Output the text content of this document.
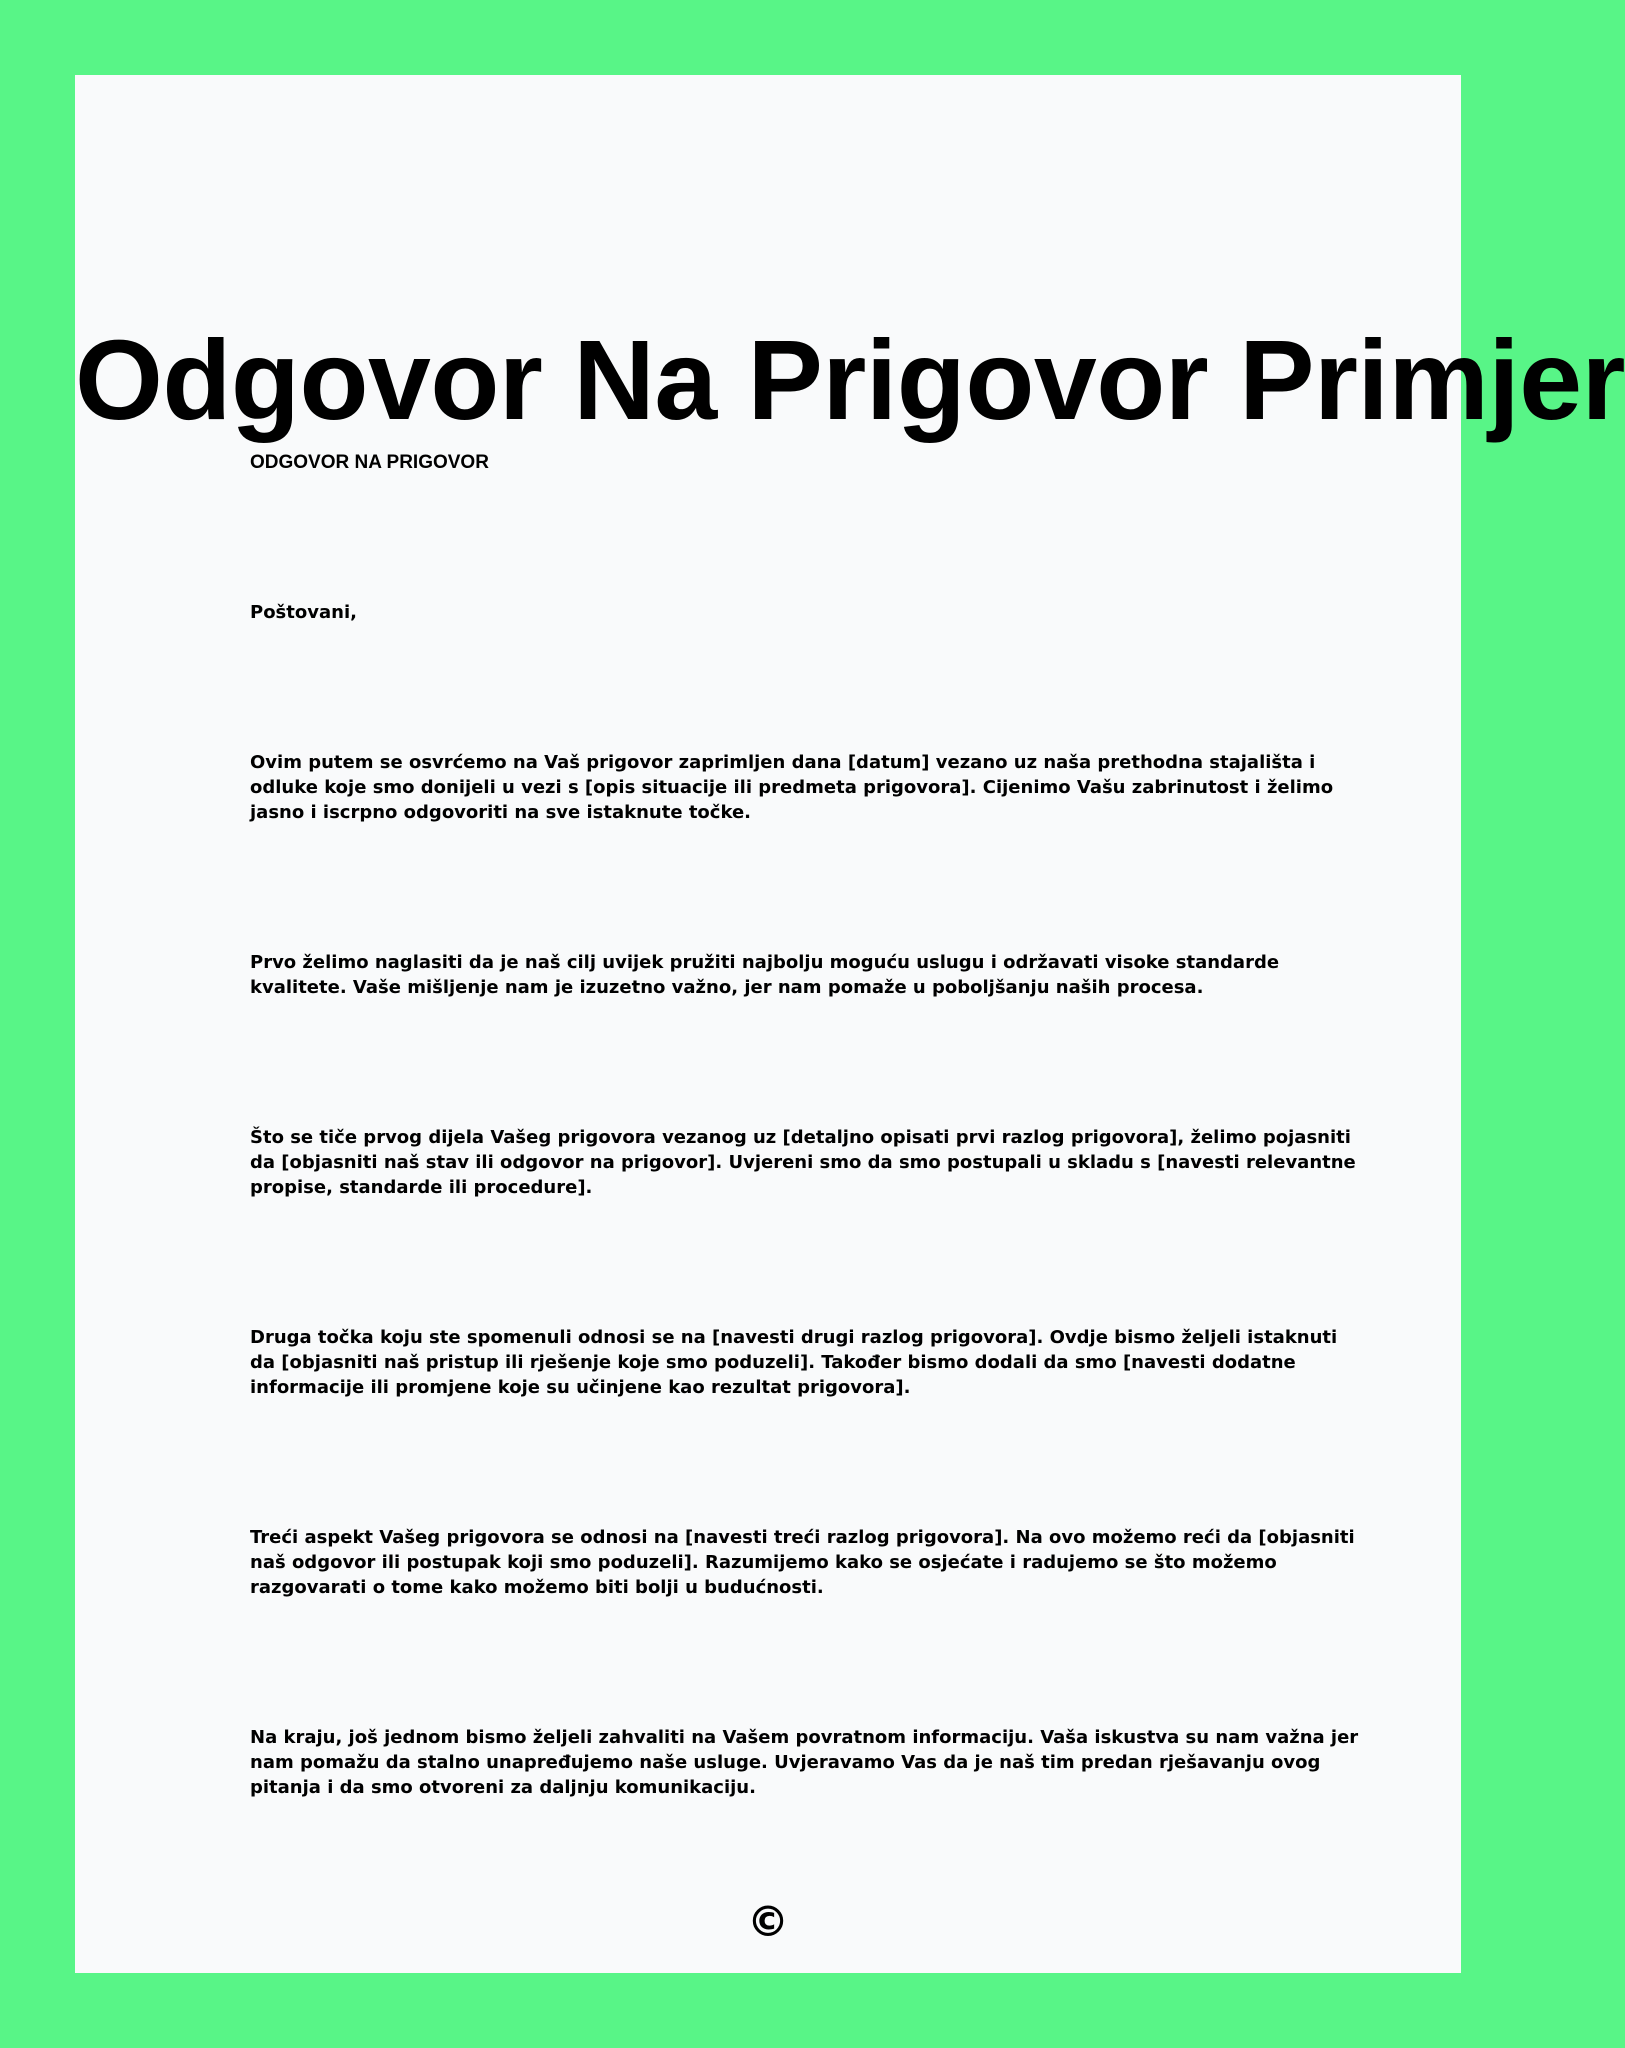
Odgovor Na Prigovor Primjer

ODGOVOR NA PRIGOVOR

Poštovani,

Ovim putem se osvrćemo na Vaš prigovor zaprimljen dana [datum] vezano uz naša prethodna stajališta i odluke koje smo donijeli u vezi s [opis situacije ili predmeta prigovora]. Cijenimo Vašu zabrinutost i želimo jasno i iscrpno odgovoriti na sve istaknute točke.

Prvo želimo naglasiti da je naš cilj uvijek pružiti najbolju moguću uslugu i održavati visoke standarde kvalitete. Vaše mišljenje nam je izuzetno važno, jer nam pomaže u poboljšanju naših procesa.

Što se tiče prvog dijela Vašeg prigovora vezanog uz [detaljno opisati prvi razlog prigovora], želimo pojasniti da [objasniti naš stav ili odgovor na prigovor]. Uvjereni smo da smo postupali u skladu s [navesti relevantne propise, standarde ili procedure].

Druga točka koju ste spomenuli odnosi se na [navesti drugi razlog prigovora]. Ovdje bismo željeli istaknuti da [objasniti naš pristup ili rješenje koje smo poduzeli]. Također bismo dodali da smo [navesti dodatne informacije ili promjene koje su učinjene kao rezultat prigovora].

Treći aspekt Vašeg prigovora se odnosi na [navesti treći razlog prigovora]. Na ovo možemo reći da [objasniti naš odgovor ili postupak koji smo poduzeli]. Razumijemo kako se osjećate i radujemo se što možemo razgovarati o tome kako možemo biti bolji u budućnosti.

Na kraju, još jednom bismo željeli zahvaliti na Vašem povratnom informaciju. Vaša iskustva su nam važna jer nam pomažu da stalno unapređujemo naše usluge. Uvjeravamo Vas da je naš tim predan rješavanju ovog pitanja i da smo otvoreni za daljnju komunikaciju.

©
